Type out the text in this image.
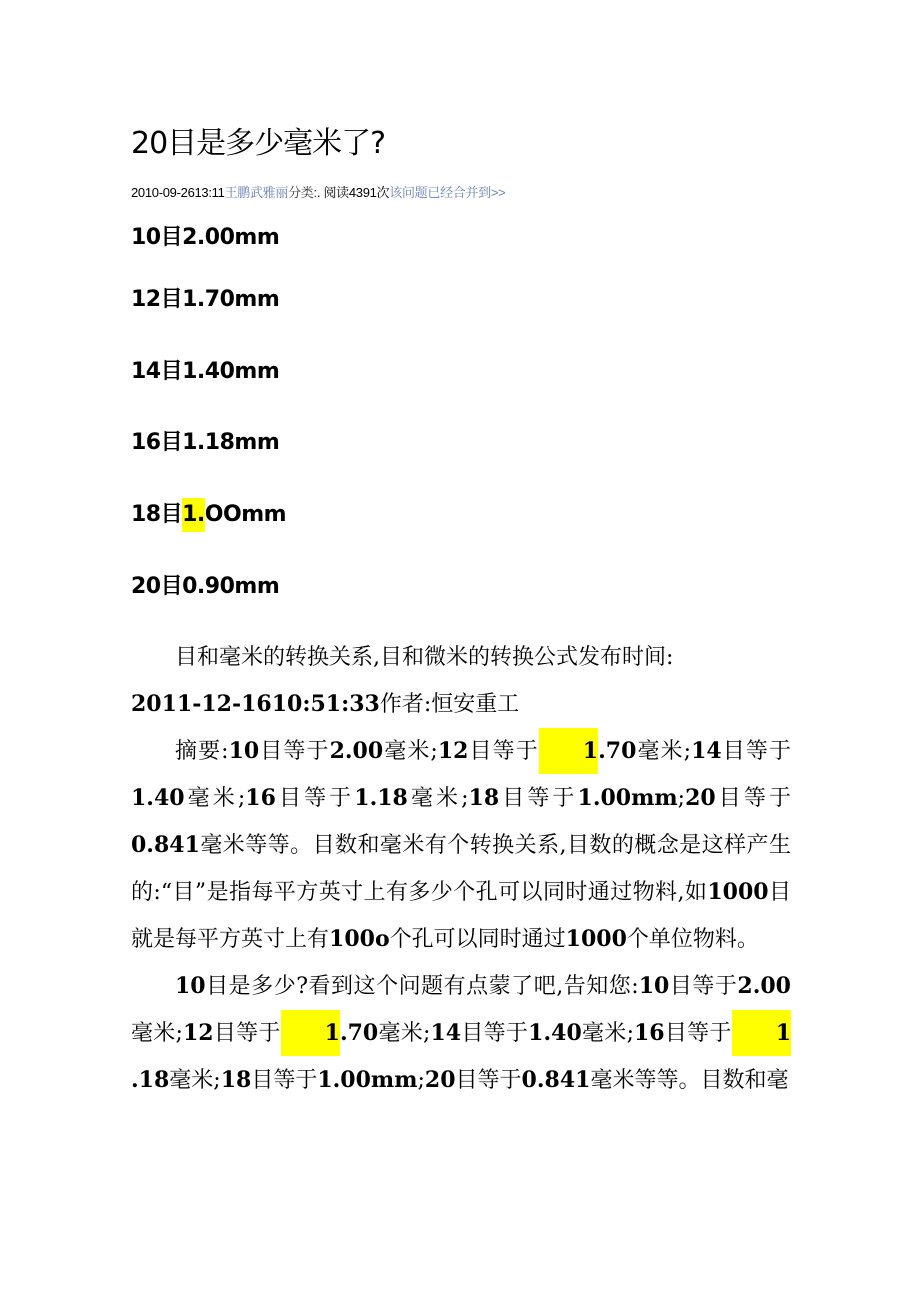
20目是多少毫米了?
2010-09-2613:11王鹏武雅丽分类:. 阅读4391次该问题已经合并到>>
10目2.00mm
12目1.70mm
14目1.40mm
16目1.18mm
18目1.OOmm
20目0.90mm

目和毫米的转换关系,目和微米的转换公式发布时间:

2011-12-1610:51:33作者:恒安重工

摘要:10目等于2.00毫米;12目等于 1.70毫米;14目等于1.40毫米;16目等于1.18毫米;18目等于1.00mm;20目等于0.841毫米等等。目数和毫米有个转换关系,目数的概念是这样产生的:“目”是指每平方英寸上有多少个孔可以同时通过物料,如1000目就是每平方英寸上有100o个孔可以同时通过1000个单位物料。

10目是多少?看到这个问题有点蒙了吧,告知您:10目等于2.00毫米;12目等于 1.70毫米;14目等于1.40毫米;16目等于 1.18毫米;18目等于1.00mm;20目等于0.841毫米等等。目数和毫
